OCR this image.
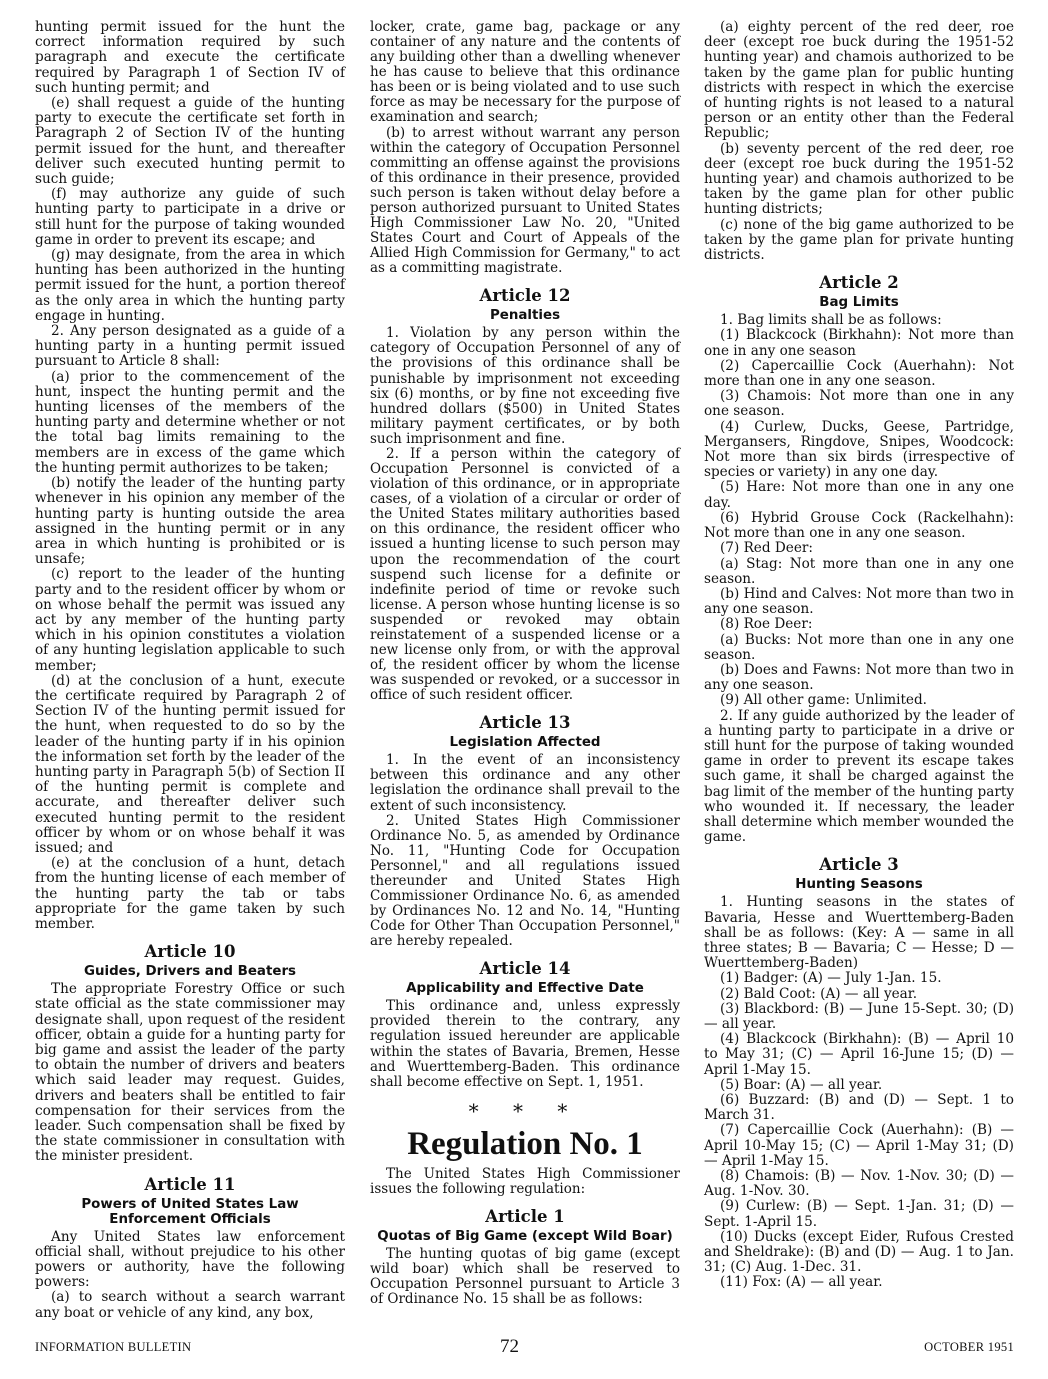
hunting permit issued for the hunt the correct information required by such paragraph and execute the certificate required by Paragraph 1 of Section IV of such hunting permit; and

(e) shall request a guide of the hunting party to execute the certificate set forth in Paragraph 2 of Section IV of the hunting permit issued for the hunt, and thereafter deliver such executed hunting permit to such guide;

(f) may authorize any guide of such hunting party to participate in a drive or still hunt for the purpose of taking wounded game in order to prevent its escape; and

(g) may designate, from the area in which hunting has been authorized in the hunting permit issued for the hunt, a portion thereof as the only area in which the hunting party engage in hunting.

2. Any person designated as a guide of a hunting party in a hunting permit issued pursuant to Article 8 shall:

(a) prior to the commencement of the hunt, inspect the hunting permit and the hunting licenses of the members of the hunting party and determine whether or not the total bag limits remaining to the members are in excess of the game which the hunting permit authorizes to be taken;

(b) notify the leader of the hunting party whenever in his opinion any member of the hunting party is hunting outside the area assigned in the hunting permit or in any area in which hunting is prohibited or is unsafe;

(c) report to the leader of the hunting party and to the resident officer by whom or on whose behalf the permit was issued any act by any member of the hunting party which in his opinion constitutes a violation of any hunting legislation applicable to such member;

(d) at the conclusion of a hunt, execute the certificate required by Paragraph 2 of Section IV of the hunting permit issued for the hunt, when requested to do so by the leader of the hunting party if in his opinion the information set forth by the leader of the hunting party in Paragraph 5(b) of Section II of the hunting permit is complete and accurate, and thereafter deliver such executed hunting permit to the resident officer by whom or on whose behalf it was issued; and

(e) at the conclusion of a hunt, detach from the hunting license of each member of the hunting party the tab or tabs appropriate for the game taken by such member.

Article 10
Guides, Drivers and Beaters

The appropriate Forestry Office or such state official as the state commissioner may designate shall, upon request of the resident officer, obtain a guide for a hunting party for big game and assist the leader of the party to obtain the number of drivers and beaters which said leader may request. Guides, drivers and beaters shall be entitled to fair compensation for their services from the leader. Such compensation shall be fixed by the state commissioner in consultation with the minister president.

Article 11
Powers of United States Law Enforcement Officials

Any United States law enforcement official shall, without prejudice to his other powers or authority, have the following powers:

(a) to search without a search warrant any boat or vehicle of any kind, any box,

locker, crate, game bag, package or any container of any nature and the contents of any building other than a dwelling whenever he has cause to believe that this ordinance has been or is being violated and to use such force as may be necessary for the purpose of examination and search;

(b) to arrest without warrant any person within the category of Occupation Personnel committing an offense against the provisions of this ordinance in their presence, provided such person is taken without delay before a person authorized pursuant to United States High Commissioner Law No. 20, "United States Court and Court of Appeals of the Allied High Commission for Germany," to act as a committing magistrate.

Article 12
Penalties

1. Violation by any person within the category of Occupation Personnel of any of the provisions of this ordinance shall be punishable by imprisonment not exceeding six (6) months, or by fine not exceeding five hundred dollars ($500) in United States military payment certificates, or by both such imprisonment and fine.

2. If a person within the category of Occupation Personnel is convicted of a violation of this ordinance, or in appropriate cases, of a violation of a circular or order of the United States military authorities based on this ordinance, the resident officer who issued a hunting license to such person may upon the recommendation of the court suspend such license for a definite or indefinite period of time or revoke such license. A person whose hunting license is so suspended or revoked may obtain reinstatement of a suspended license or a new license only from, or with the approval of, the resident officer by whom the license was suspended or revoked, or a successor in office of such resident officer.

Article 13
Legislation Affected

1. In the event of an inconsistency between this ordinance and any other legislation the ordinance shall prevail to the extent of such inconsistency.

2. United States High Commissioner Ordinance No. 5, as amended by Ordinance No. 11, "Hunting Code for Occupation Personnel," and all regulations issued thereunder and United States High Commissioner Ordinance No. 6, as amended by Ordinances No. 12 and No. 14, "Hunting Code for Other Than Occupation Personnel," are hereby repealed.

Article 14
Applicability and Effective Date

This ordinance and, unless expressly provided therein to the contrary, any regulation issued hereunder are applicable within the states of Bavaria, Bremen, Hesse and Wuerttemberg-Baden. This ordinance shall become effective on Sept. 1, 1951.

* * *
Regulation No. 1

The United States High Commissioner issues the following regulation:

Article 1
Quotas of Big Game (except Wild Boar)

The hunting quotas of big game (except wild boar) which shall be reserved to Occupation Personnel pursuant to Article 3 of Ordinance No. 15 shall be as follows:

(a) eighty percent of the red deer, roe deer (except roe buck during the 1951-52 hunting year) and chamois authorized to be taken by the game plan for public hunting districts with respect in which the exercise of hunting rights is not leased to a natural person or an entity other than the Federal Republic;

(b) seventy percent of the red deer, roe deer (except roe buck during the 1951-52 hunting year) and chamois authorized to be taken by the game plan for other public hunting districts;

(c) none of the big game authorized to be taken by the game plan for private hunting districts.

Article 2
Bag Limits

1. Bag limits shall be as follows:

(1) Blackcock (Birkhahn): Not more than one in any one season

(2) Capercaillie Cock (Auerhahn): Not more than one in any one season.

(3) Chamois: Not more than one in any one season.

(4) Curlew, Ducks, Geese, Partridge, Mergansers, Ringdove, Snipes, Woodcock: Not more than six birds (irrespective of species or variety) in any one day.

(5) Hare: Not more than one in any one day.

(6) Hybrid Grouse Cock (Rackelhahn): Not more than one in any one season.

(7) Red Deer:

(a) Stag: Not more than one in any one season.

(b) Hind and Calves: Not more than two in any one season.

(8) Roe Deer:

(a) Bucks: Not more than one in any one season.

(b) Does and Fawns: Not more than two in any one season.

(9) All other game: Unlimited.

2. If any guide authorized by the leader of a hunting party to participate in a drive or still hunt for the purpose of taking wounded game in order to prevent its escape takes such game, it shall be charged against the bag limit of the member of the hunting party who wounded it. If necessary, the leader shall determine which member wounded the game.

Article 3
Hunting Seasons

1. Hunting seasons in the states of Bavaria, Hesse and Wuerttemberg-Baden shall be as follows: (Key: A — same in all three states; B — Bavaria; C — Hesse; D — Wuerttemberg-Baden)

(1) Badger: (A) — July 1-Jan. 15.

(2) Bald Coot: (A) — all year.

(3) Blackbord: (B) — June 15-Sept. 30; (D) — all year.

(4) Blackcock (Birkhahn): (B) — April 10 to May 31; (C) — April 16-June 15; (D) — April 1-May 15.

(5) Boar: (A) — all year.

(6) Buzzard: (B) and (D) — Sept. 1 to March 31.

(7) Capercaillie Cock (Auerhahn): (B) — April 10-May 15; (C) — April 1-May 31; (D) — April 1-May 15.

(8) Chamois: (B) — Nov. 1-Nov. 30; (D) — Aug. 1-Nov. 30.

(9) Curlew: (B) — Sept. 1-Jan. 31; (D) — Sept. 1-April 15.

(10) Ducks (except Eider, Rufous Crested and Sheldrake): (B) and (D) — Aug. 1 to Jan. 31; (C) Aug. 1-Dec. 31.

(11) Fox: (A) — all year.

INFORMATION BULLETIN	72	OCTOBER 1951
